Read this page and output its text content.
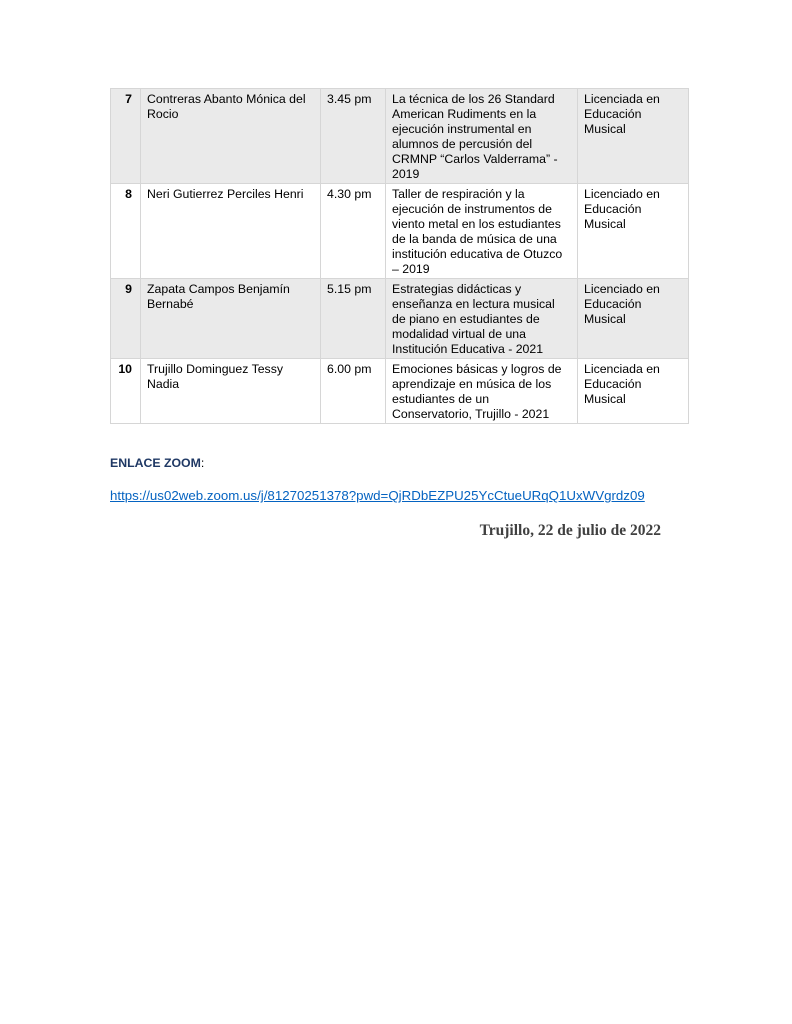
7	Contreras Abanto Mónica del Rocio	3.45 pm	La técnica de los 26 Standard American Rudiments en la ejecución instrumental en alumnos de percusión del CRMNP “Carlos Valderrama” - 2019	Licenciada en Educación Musical
8	Neri Gutierrez Perciles Henri	4.30 pm	Taller de respiración y la ejecución de instrumentos de viento metal en los estudiantes de la banda de música de una institución educativa de Otuzco – 2019	Licenciado en Educación Musical
9	Zapata Campos Benjamín Bernabé	5.15 pm	Estrategias didácticas y enseñanza en lectura musical de piano en estudiantes de modalidad virtual de una Institución Educativa - 2021	Licenciado en Educación Musical
10	Trujillo Dominguez Tessy Nadia	6.00 pm	Emociones básicas y logros de aprendizaje en música de los estudiantes de un Conservatorio, Trujillo - 2021	Licenciada en Educación Musical
ENLACE ZOOM:
https://us02web.zoom.us/j/81270251378?pwd=QjRDbEZPU25YcCtueURqQ1UxWVgrdz09
Trujillo, 22 de julio de 2022
